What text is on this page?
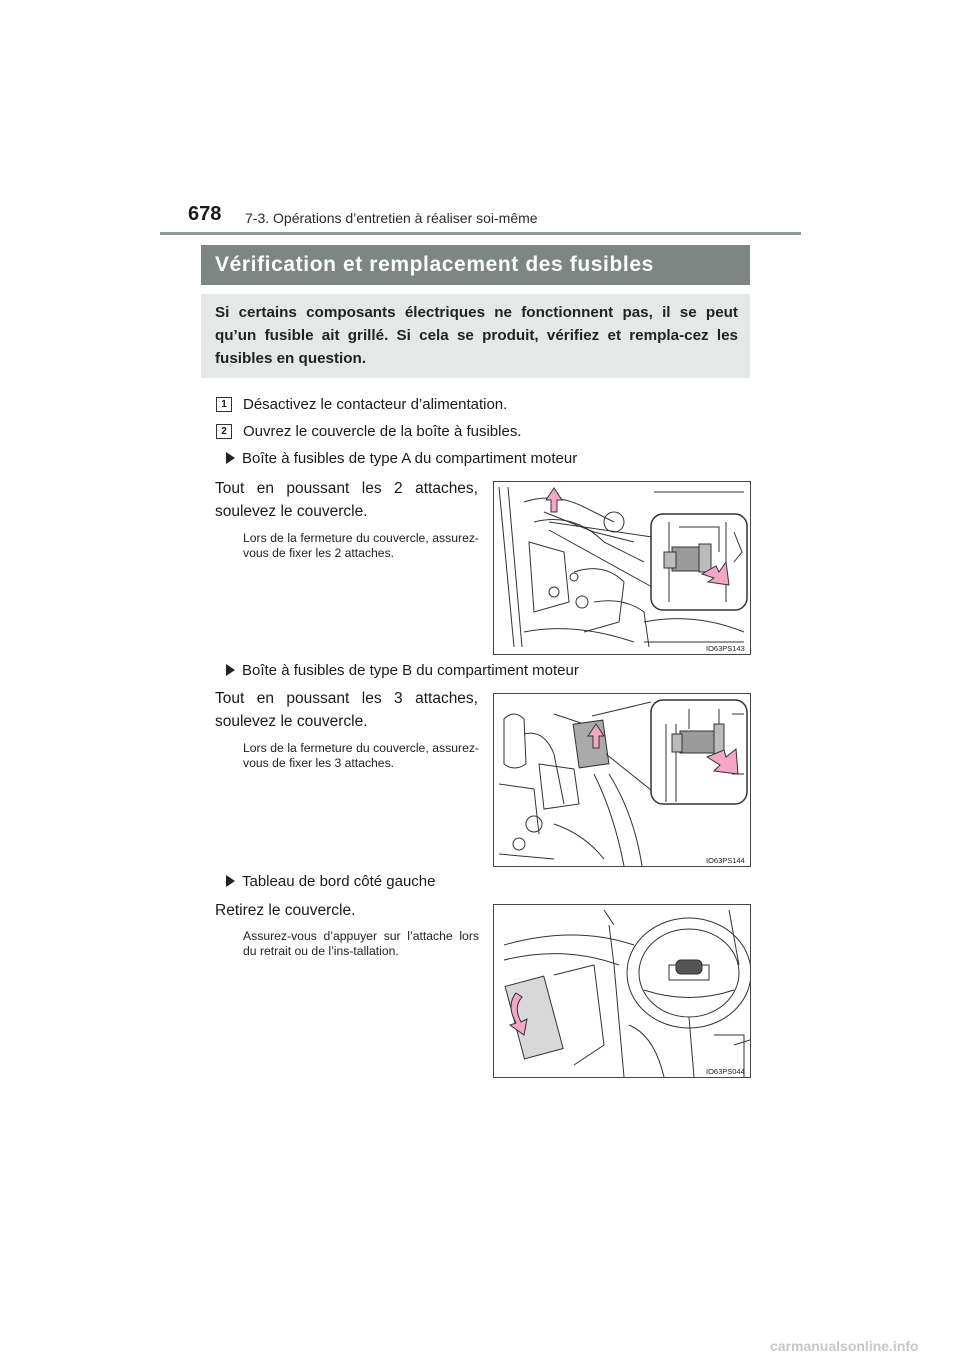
678 7-3. Opérations d’entretien à réaliser soi-même
Vérification et remplacement des fusibles
Si certains composants électriques ne fonctionnent pas, il se peut qu’un fusible ait grillé. Si cela se produit, vérifiez et rempla-cez les fusibles en question.
1	Désactivez le contacteur d’alimentation.
2	Ouvrez le couvercle de la boîte à fusibles.
Boîte à fusibles de type A du compartiment moteur
Tout en poussant les 2 attaches, soulevez le couvercle.
Lors de la fermeture du couvercle, assurez-vous de fixer les 2 attaches.
IO63PS143
Boîte à fusibles de type B du compartiment moteur
Tout en poussant les 3 attaches, soulevez le couvercle.
Lors de la fermeture du couvercle, assurez-vous de fixer les 3 attaches.
IO63PS144
Tableau de bord côté gauche
Retirez le couvercle.
Assurez-vous d’appuyer sur l’attache lors du retrait ou de l’ins-tallation.
IO63PS044
carmanualsonline.info
